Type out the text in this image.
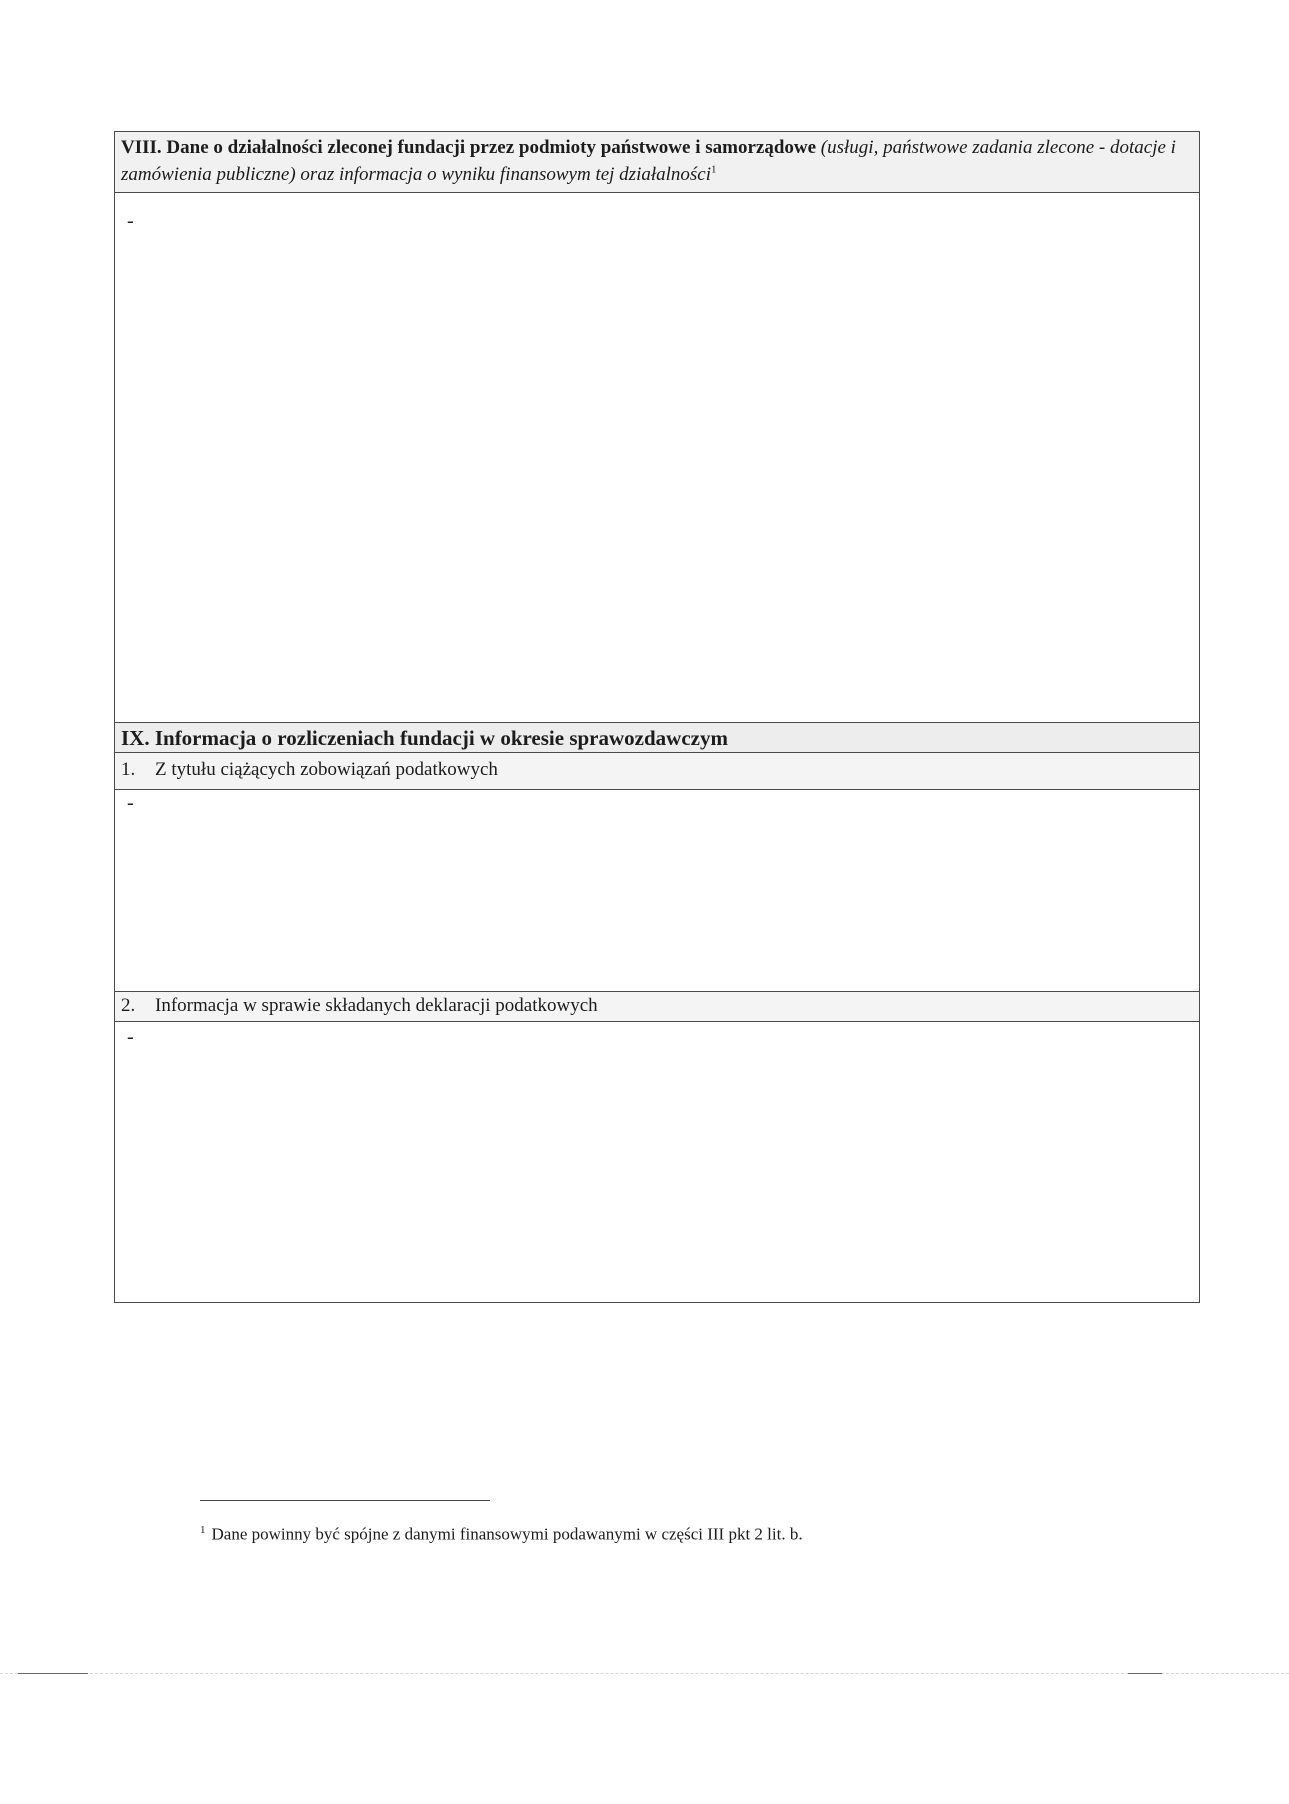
VIII. Dane o działalności zleconej fundacji przez podmioty państwowe i samorządowe (usługi, państwowe zadania zlecone - dotacje i zamówienia publiczne) oraz informacja o wyniku finansowym tej działalności$^1$
-
IX. Informacja o rozliczeniach fundacji w okresie sprawozdawczym
1. Z tytułu ciążących zobowiązań podatkowych
-
2. Informacja w sprawie składanych deklaracji podatkowych
-
$^1$ Dane powinny być spójne z danymi finansowymi podawanymi w części III pkt 2 lit. b.
